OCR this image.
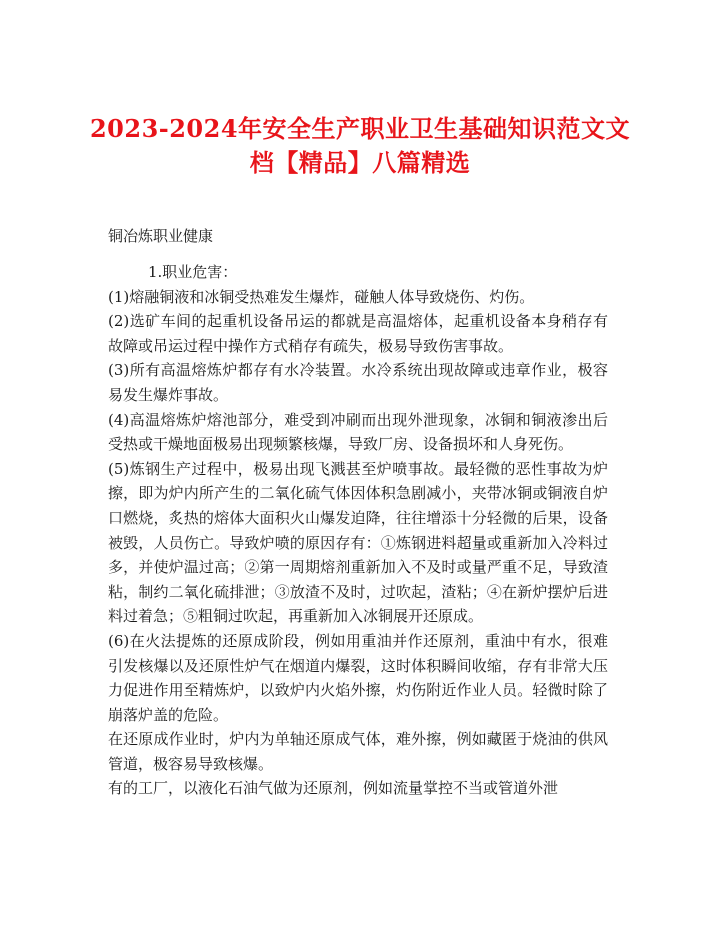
2023-2024年安全生产职业卫生基础知识范文文
档【精品】八篇精选
铜冶炼职业健康

1.职业危害：

(1)熔融铜液和冰铜受热难发生爆炸，碰触人体导致烧伤、灼伤。

(2)选矿车间的起重机设备吊运的都就是高温熔体，起重机设备本身稍存有故障或吊运过程中操作方式稍存有疏失，极易导致伤害事故。

(3)所有高温熔炼炉都存有水冷装置。水冷系统出现故障或违章作业，极容易发生爆炸事故。

(4)高温熔炼炉熔池部分，难受到冲刷而出现外泄现象，冰铜和铜液渗出后受热或干燥地面极易出现频繁核爆，导致厂房、设备损坏和人身死伤。

(5)炼钢生产过程中，极易出现飞溅甚至炉喷事故。最轻微的恶性事故为炉擦，即为炉内所产生的二氧化硫气体因体积急剧减小，夹带冰铜或铜液自炉口燃烧，炙热的熔体大面积火山爆发迫降，往往增添十分轻微的后果，设备被毁，人员伤亡。导致炉喷的原因存有：①炼钢进料超量或重新加入冷料过多，并使炉温过高；②第一周期熔剂重新加入不及时或量严重不足，导致渣粘，制约二氧化硫排泄；③放渣不及时，过吹起，渣粘；④在新炉摆炉后进料过着急；⑤粗铜过吹起，再重新加入冰铜展开还原成。

(6)在火法提炼的还原成阶段，例如用重油并作还原剂，重油中有水，很难引发核爆以及还原性炉气在烟道内爆裂，这时体积瞬间收缩，存有非常大压力促进作用至精炼炉，以致炉内火焰外擦，灼伤附近作业人员。轻微时除了崩落炉盖的危险。

在还原成作业时，炉内为单轴还原成气体，难外擦，例如藏匿于烧油的供风管道，极容易导致核爆。

有的工厂，以液化石油气做为还原剂，例如流量掌控不当或管道外泄
